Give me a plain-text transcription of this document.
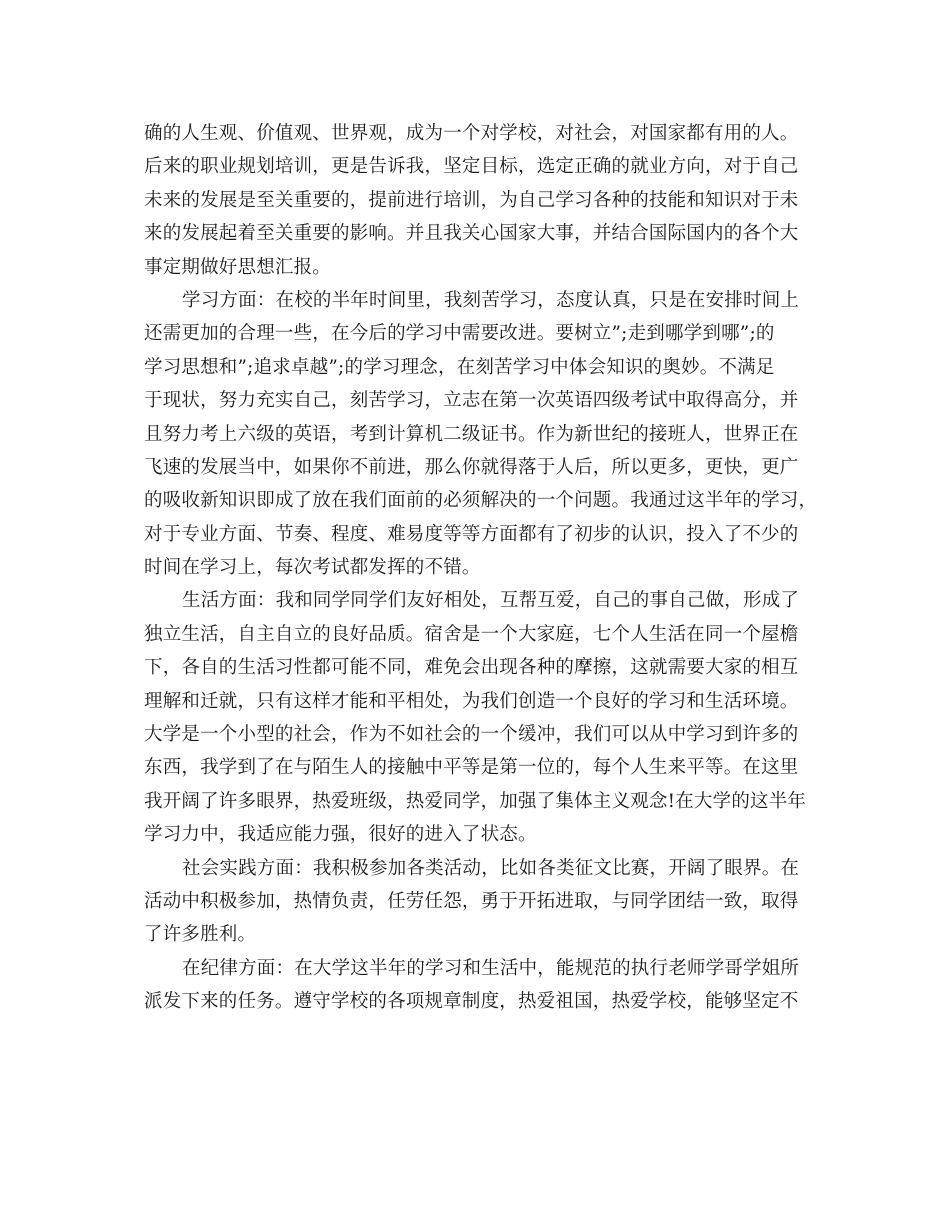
确的人生观、价值观、世界观，成为一个对学校，对社会，对国家都有用的人。
后来的职业规划培训，更是告诉我，坚定目标，选定正确的就业方向，对于自己
未来的发展是至关重要的，提前进行培训，为自己学习各种的技能和知识对于未
来的发展起着至关重要的影响。并且我关心国家大事，并结合国际国内的各个大
事定期做好思想汇报。
学习方面：在校的半年时间里，我刻苦学习，态度认真，只是在安排时间上
还需更加的合理一些，在今后的学习中需要改进。要树立”;走到哪学到哪”;的
学习思想和”;追求卓越”;的学习理念，在刻苦学习中体会知识的奥妙。不满足
于现状，努力充实自己，刻苦学习，立志在第一次英语四级考试中取得高分，并
且努力考上六级的英语，考到计算机二级证书。作为新世纪的接班人，世界正在
飞速的发展当中，如果你不前进，那么你就得落于人后，所以更多，更快，更广
的吸收新知识即成了放在我们面前的必须解决的一个问题。我通过这半年的学习，
对于专业方面、节奏、程度、难易度等等方面都有了初步的认识，投入了不少的
时间在学习上，每次考试都发挥的不错。
生活方面：我和同学同学们友好相处，互帮互爱，自己的事自己做，形成了
独立生活，自主自立的良好品质。宿舍是一个大家庭，七个人生活在同一个屋檐
下，各自的生活习性都可能不同，难免会出现各种的摩擦，这就需要大家的相互
理解和迁就，只有这样才能和平相处，为我们创造一个良好的学习和生活环境。
大学是一个小型的社会，作为不如社会的一个缓冲，我们可以从中学习到许多的
东西，我学到了在与陌生人的接触中平等是第一位的，每个人生来平等。在这里
我开阔了许多眼界，热爱班级，热爱同学，加强了集体主义观念!在大学的这半年
学习力中，我适应能力强，很好的进入了状态。
社会实践方面：我积极参加各类活动，比如各类征文比赛，开阔了眼界。在
活动中积极参加，热情负责，任劳任怨，勇于开拓进取，与同学团结一致，取得
了许多胜利。
在纪律方面：在大学这半年的学习和生活中，能规范的执行老师学哥学姐所
派发下来的任务。遵守学校的各项规章制度，热爱祖国，热爱学校，能够坚定不
